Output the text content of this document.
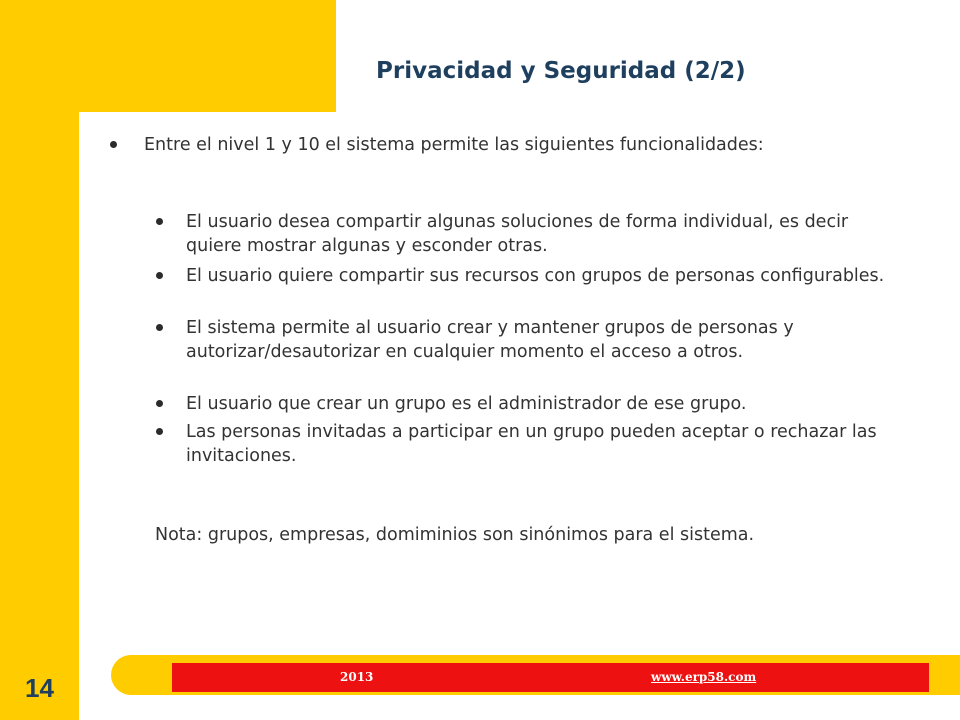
Privacidad y Seguridad (2/2)
Entre el nivel 1 y 10 el sistema permite las siguientes funcionalidades:
El usuario desea compartir algunas soluciones de forma individual, es decir quiere mostrar algunas y esconder otras.
El usuario quiere compartir sus recursos con grupos de personas configurables.
El sistema permite al usuario crear y mantener grupos de personas y autorizar/desautorizar en cualquier momento el acceso a otros.
El usuario que crear un grupo es el administrador de ese grupo.
Las personas invitadas a participar en un grupo pueden aceptar o rechazar las invitaciones.
Nota: grupos, empresas, domiminios son sinónimos para el sistema.
2013	www.erp58.com
14
